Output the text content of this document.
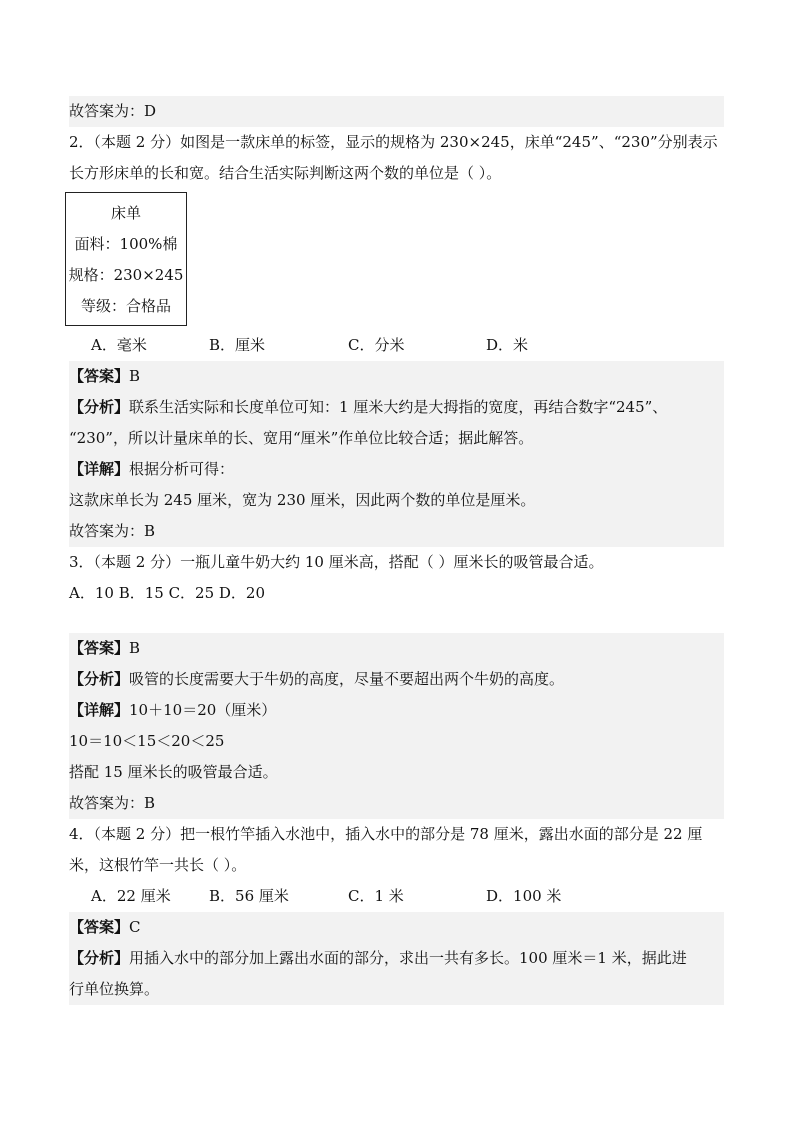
故答案为：D
2．（本题 2 分）如图是一款床单的标签，显示的规格为 230×245，床单“245”、“230”分别表示
长方形床单的长和宽。结合生活实际判断这两个数的单位是（ ）。
床单
面料：100%棉
规格：230×245
等级：合格品
A．毫米	B．厘米	C．分米	D．米
【答案】B
【分析】联系生活实际和长度单位可知：1 厘米大约是大拇指的宽度，再结合数字“245”、
“230”，所以计量床单的长、宽用“厘米”作单位比较合适；据此解答。
【详解】根据分析可得：
这款床单长为 245 厘米，宽为 230 厘米，因此两个数的单位是厘米。
故答案为：B
3．（本题 2 分）一瓶儿童牛奶大约 10 厘米高，搭配（ ）厘米长的吸管最合适。
A．10 B．15 C．25 D．20
【答案】B
【分析】吸管的长度需要大于牛奶的高度，尽量不要超出两个牛奶的高度。
【详解】10＋10＝20（厘米）
10＝10＜15＜20＜25
搭配 15 厘米长的吸管最合适。
故答案为：B
4．（本题 2 分）把一根竹竿插入水池中，插入水中的部分是 78 厘米，露出水面的部分是 22 厘
米，这根竹竿一共长（ ）。
A．22 厘米	B．56 厘米	C．1 米	D．100 米
【答案】C
【分析】用插入水中的部分加上露出水面的部分，求出一共有多长。100 厘米＝1 米，据此进
行单位换算。
